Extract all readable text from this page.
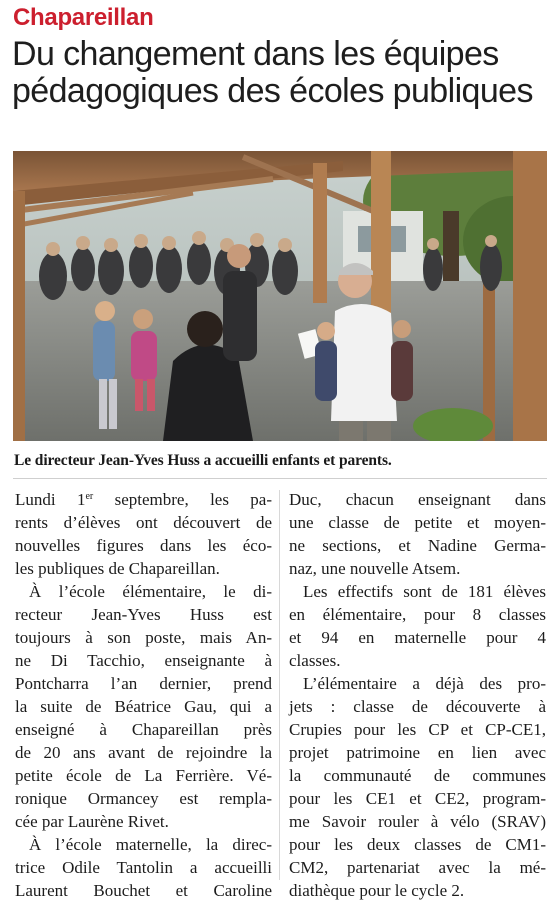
Chapareillan
Du changement dans les équipes
pédagogiques des écoles publiques
Le directeur Jean-Yves Huss a accueilli enfants et parents.
Lundi 1er septembre, les pa-
rents d’élèves ont découvert de
nouvelles figures dans les éco-
les publiques de Chapareillan.
À l’école élémentaire, le di-
recteur Jean-Yves Huss est
toujours à son poste, mais An-
ne Di Tacchio, enseignante à
Pontcharra l’an dernier, prend
la suite de Béatrice Gau, qui a
enseigné à Chapareillan près
de 20 ans avant de rejoindre la
petite école de La Ferrière. Vé-
ronique Ormancey est rempla-
cée par Laurène Rivet.
À l’école maternelle, la direc-
trice Odile Tantolin a accueilli
Laurent Bouchet et Caroline
Duc, chacun enseignant dans
une classe de petite et moyen-
ne sections, et Nadine Germa-
naz, une nouvelle Atsem.
Les effectifs sont de 181 élèves
en élémentaire, pour 8 classes
et 94 en maternelle pour 4
classes.
L’élémentaire a déjà des pro-
jets : classe de découverte à
Crupies pour les CP et CP-CE1,
projet patrimoine en lien avec
la communauté de communes
pour les CE1 et CE2, program-
me Savoir rouler à vélo (SRAV)
pour les deux classes de CM1-
CM2, partenariat avec la mé-
diathèque pour le cycle 2.
